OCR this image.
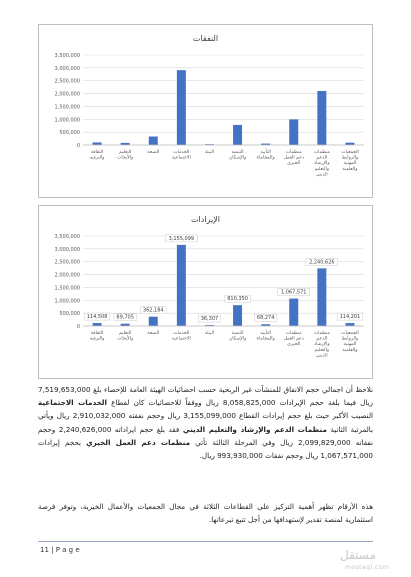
النفقات
0
500,000
1,000,000
1,500,000
2,000,000
2,500,000
3,000,000
3,500,000
الثقافة والترفيه
التعليم والأبحاث
الصحة	الخدمات الاجتماعية
البيئة	التنمية والإسكان
التأييد والمحاماة
منظمات دعم العمل الخيري
منظمات الدعم والإرشاد والتعليم الديني
الجمعيات والروابط المهنية والعلمية
الإيرادات
0
500,000
1,000,000
1,500,000
2,000,000
2,500,000
3,000,000
3,500,000
114,508
الثقافة والترفيه
89,705
التعليم والأبحاث
362,184
الصحة
3,155,099
الخدمات الاجتماعية
36,307
البيئة
810,350
التنمية والإسكان
68,274
التأييد والمحاماة
1,067,571
منظمات دعم العمل الخيري
2,240,626
منظمات الدعم والإرشاد والتعليم الديني
114,201
الجمعيات والروابط المهنية والعلمية
نلاحظ أن اجمالي حجم الانفاق للمنشآت غير الربحية حسب احصائيات الهيئة العامة للإحصاء بلغ 7,519,653,000 ريال فيما بلغة حجم الإيرادات 8,058,825,000 ريال ووفقاً للاحصائيات كان لقطاع الخدمات الاجتماعية النصيب الأكبر حيث بلغ حجم إيرادات القطاع 3,155,099,000 ريال وحجم نفقته 2,910,032,000 ريال ويأتي بالمرتبة الثانية منظمات الدعم والإرشاد والتعليم الديني فقد بلغ حجم ايراداته 2,240,626,000 وحجم نفقاته 2,099,829,000 ريال وفي المرحلة الثالثة تأتي منظمات دعم العمل الخيري بحجم إيرادات 1,067,571,000 ريال وحجم نفقات 993,930,000 ريال.
هذه الأرقام تظهر أهمية التركيز على القطاعات الثلاثة في مجال الجمعيات والأعمال الخيرية، وتوفر فرصة استثمارية لمنصة تقدير لإستهدافها من أجل تتبع تبرعاتها.
11 | P a g e	مستقل
mostaql.com
